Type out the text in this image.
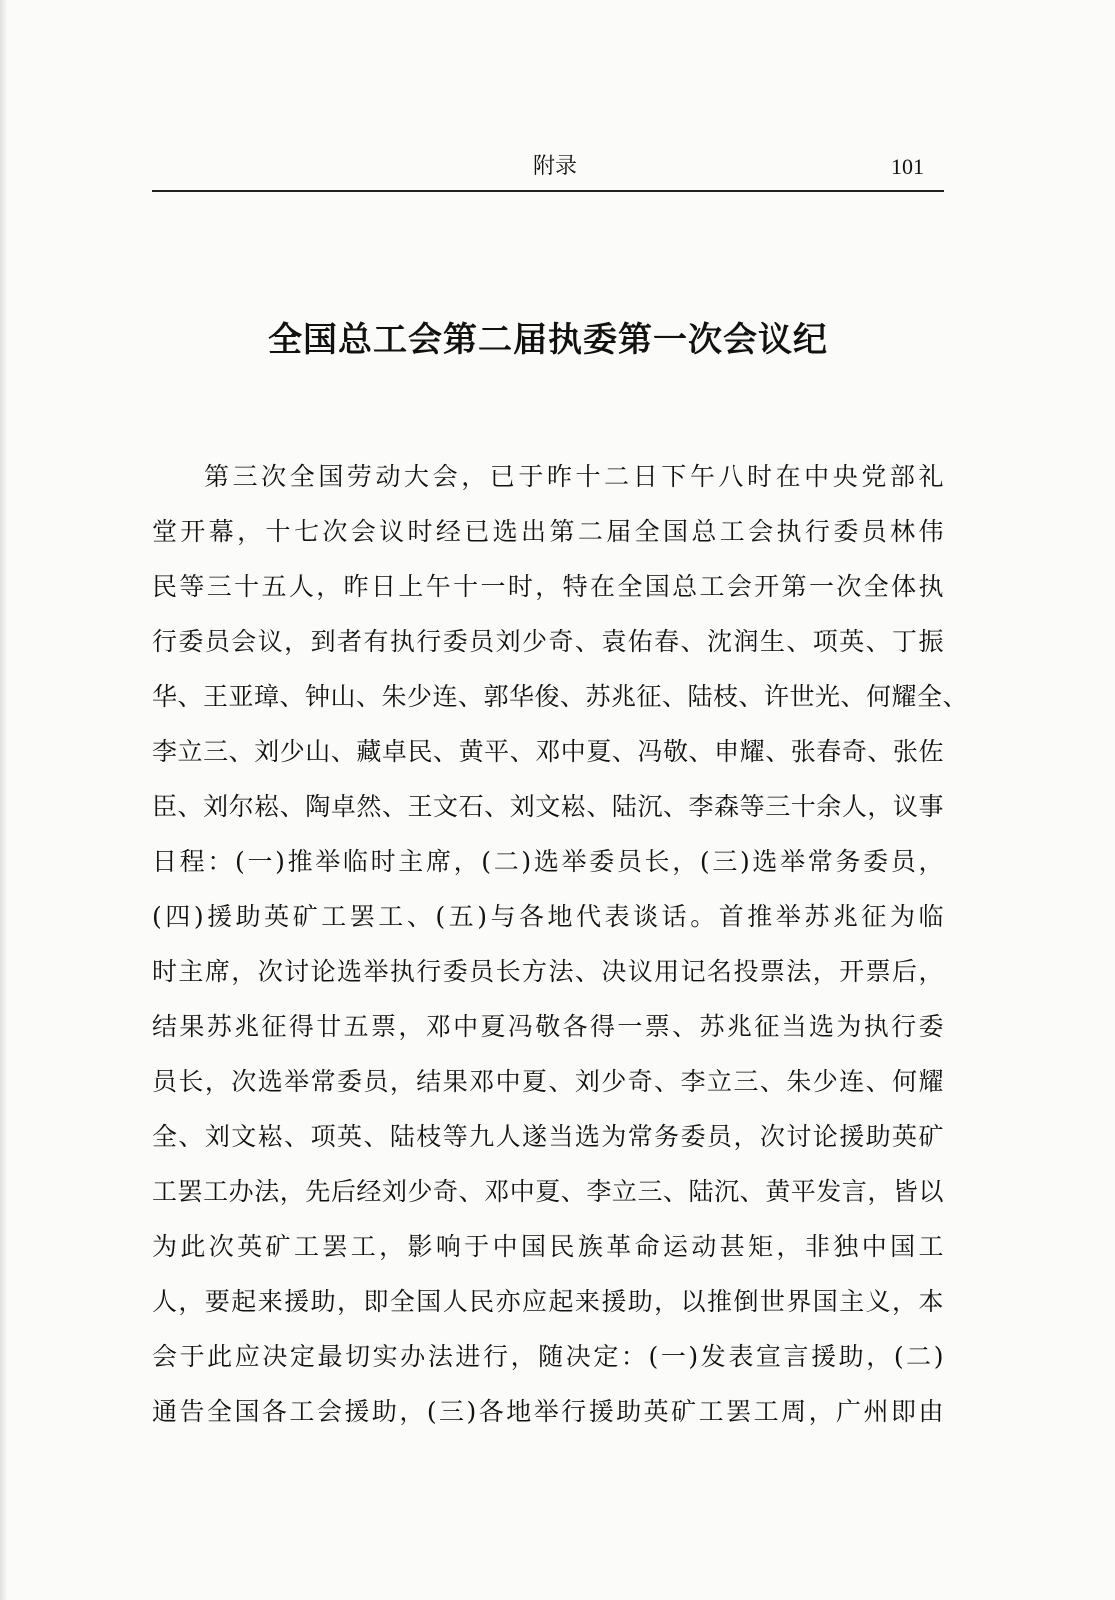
附录	101
全国总工会第二届执委第一次会议纪
第三次全国劳动大会，已于昨十二日下午八时在中央党部礼
堂开幕，十七次会议时经已选出第二届全国总工会执行委员林伟
民等三十五人，昨日上午十一时，特在全国总工会开第一次全体执
行委员会议，到者有执行委员刘少奇、袁佑春、沈润生、项英、丁振
华、王亚璋、钟山、朱少连、郭华俊、苏兆征、陆枝、许世光、何耀全、
李立三、刘少山、藏卓民、黄平、邓中夏、冯敬、申耀、张春奇、张佐
臣、刘尔崧、陶卓然、王文石、刘文崧、陆沉、李森等三十余人，议事
日程：(一)推举临时主席，(二)选举委员长，(三)选举常务委员，
(四)援助英矿工罢工、(五)与各地代表谈话。首推举苏兆征为临
时主席，次讨论选举执行委员长方法、决议用记名投票法，开票后，
结果苏兆征得廿五票，邓中夏冯敬各得一票、苏兆征当选为执行委
员长，次选举常委员，结果邓中夏、刘少奇、李立三、朱少连、何耀
全、刘文崧、项英、陆枝等九人遂当选为常务委员，次讨论援助英矿
工罢工办法，先后经刘少奇、邓中夏、李立三、陆沉、黄平发言，皆以
为此次英矿工罢工，影响于中国民族革命运动甚矩，非独中国工
人，要起来援助，即全国人民亦应起来援助，以推倒世界国主义，本
会于此应决定最切实办法进行，随决定：(一)发表宣言援助，(二)
通告全国各工会援助，(三)各地举行援助英矿工罢工周，广州即由
